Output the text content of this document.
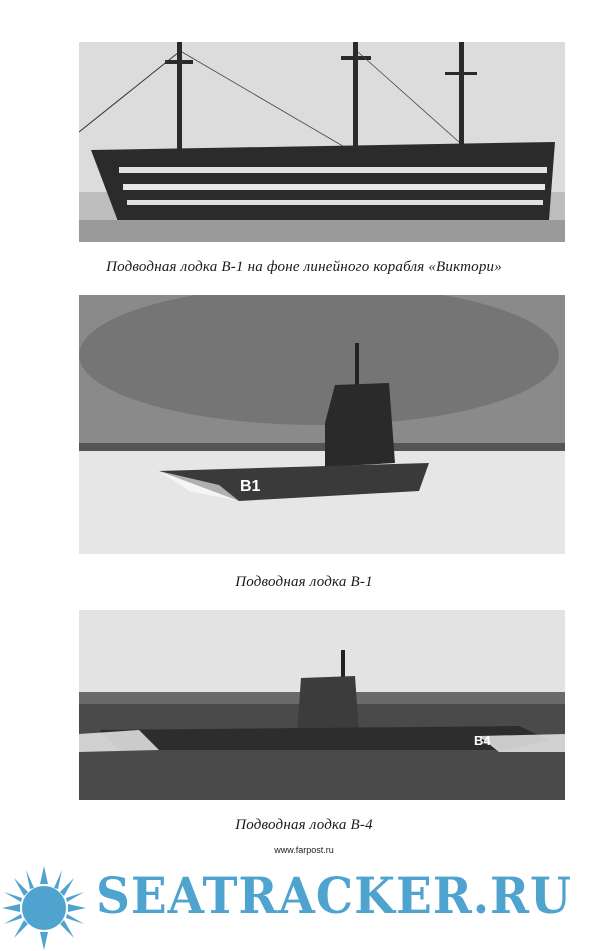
Подводная лодка В-1 на фоне линейного корабля «Виктори»
B1
Подводная лодка В-1
B4
Подводная лодка В-4
www.farpost.ru
SEATRACKER.RU
